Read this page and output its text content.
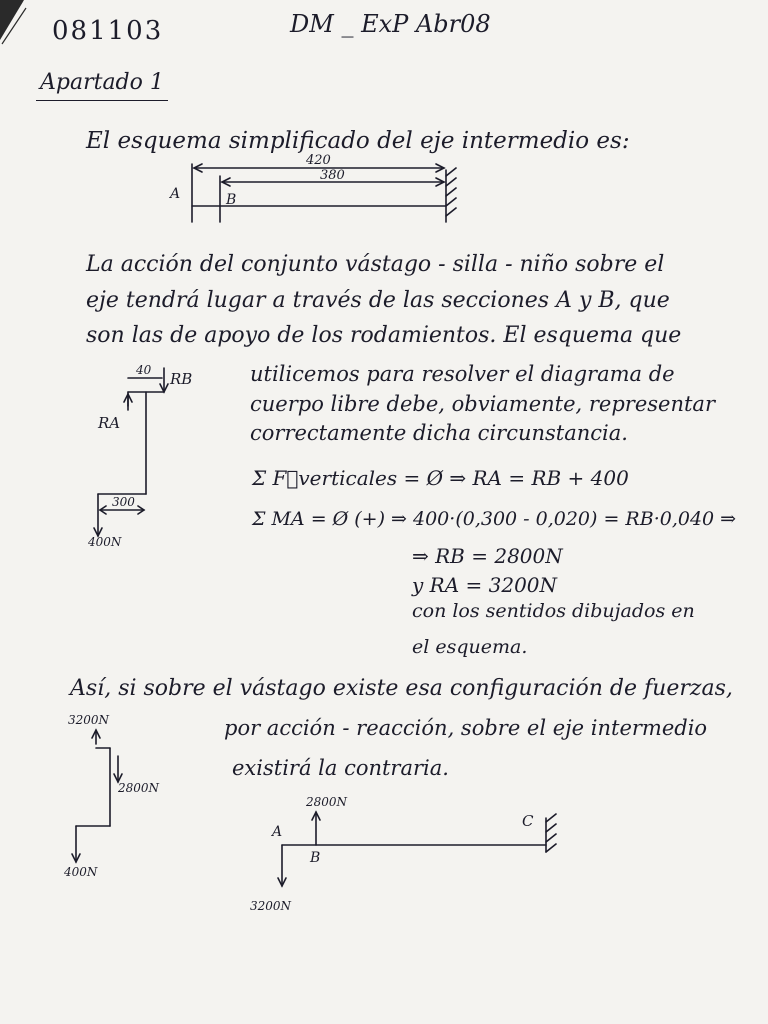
081103	DM _ ExP Abr08
Apartado 1
El esquema simplificado del eje intermedio es:
La acción del conjunto vástago - silla - niño sobre el
eje tendrá lugar a través de las secciones A y B, que
son las de apoyo de los rodamientos. El esquema que
utilicemos para resolver el diagrama de
cuerpo libre debe, obviamente, representar
correctamente dicha circunstancia.
Σ F⃗verticales = Ø ⇒ RA = RB + 400
Σ MA = Ø (+) ⇒ 400·(0,300 - 0,020) = RB·0,040 ⇒
⇒ RB = 2800N
y RA = 3200N
con los sentidos dibujados en
el esquema.
Así, si sobre el vástago existe esa configuración de fuerzas,
por acción - reacción, sobre el eje intermedio
existirá la contraria.
A	B
420
380
40 RB
RA
300
400N
3200N
2800N
400N
2800N
A
B
C
3200N
